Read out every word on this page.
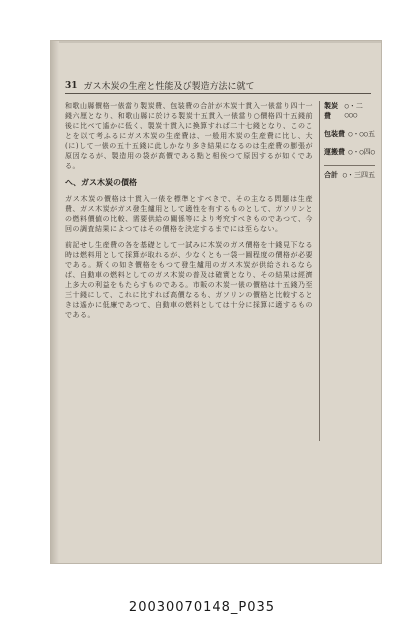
31 ガス木炭の生産と性能及び製造方法に就て

和歌山縣價格一俵當り製炭費、包装費の合計が木炭十貫入一俵當り四十一錢六厘となり、和歌山縣に於ける製炭十五貫入一俵當り○價格四十五錢前後に比べて遙かに低く、製炭十貫入に換算すれば二十七錢となり、このことを以て考ふるにガス木炭の生産費は、一般用木炭の生産費に比し、大(に)して一俵の五十五錢に此しかなり多き結果になるのは生産費の膨張が原因なるが、製造用の袋が高價である點と相俟つて原因するが如くである。

へ、ガス木炭の價格

ガス木炭の價格は十貫入一俵を標準とすべきで、その主なる問題は生産費、ガス木炭がガス發生爐用として適性を有するものとして、ガソリンとの燃料價値の比較、需要供給の關係等により考究すべきものであつて、今回の調査結果によつてはその價格を決定するまでには至らない。

前記せし生産費の各を基礎として一試みに木炭のガス價格を十錢見下なる時は燃料用として採算が取れるが、少なくとも一袋一圓程度の價格が必要である。斯くの如き價格をもつて發生爐用のガス木炭が供給されるならば、自動車の燃料としてのガス木炭の普及は確實となり、その結果は經濟上多大の利益をもたらすものである。市販の木炭一俵の價格は十五錢乃至三十錢にして、これに比すれば高價なるも、ガソリンの價格と比較するときは遙かに低廉であつて、自動車の燃料としては十分に採算に適するものである。

製炭費
○・二○○○
包装費 ○・○○五
運搬費 ○・○四○
合計 ○・三四五
20030070148_P035
